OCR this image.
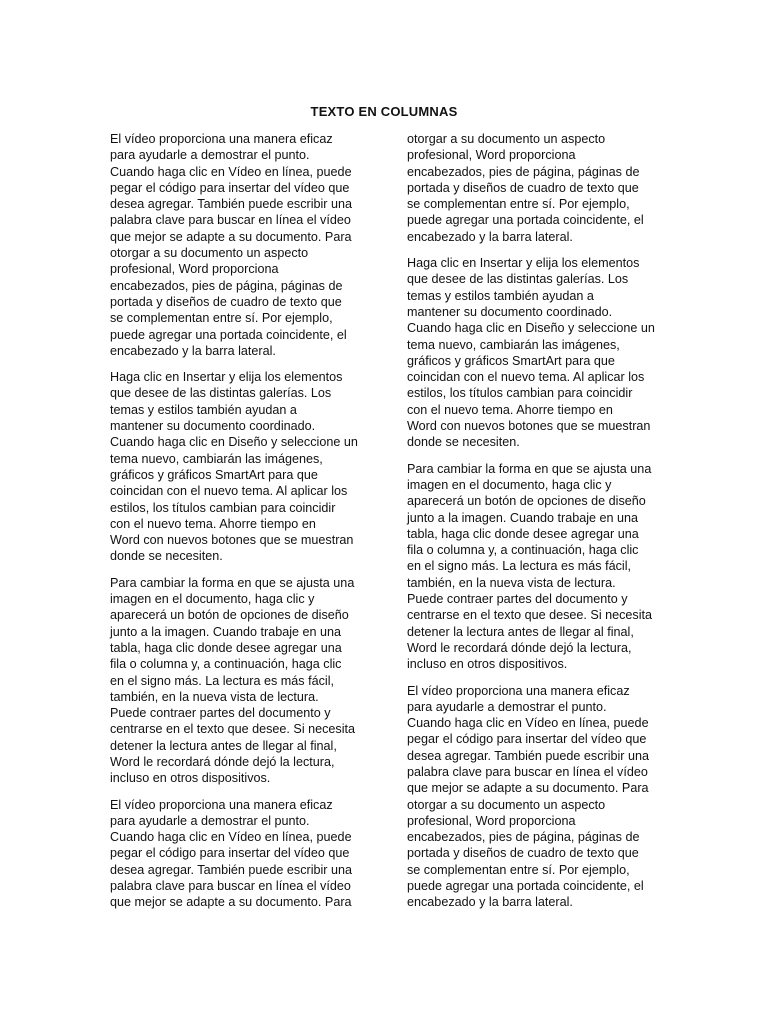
TEXTO EN COLUMNAS
El vídeo proporciona una manera eficaz
para ayudarle a demostrar el punto.
Cuando haga clic en Vídeo en línea, puede
pegar el código para insertar del vídeo que
desea agregar. También puede escribir una
palabra clave para buscar en línea el vídeo
que mejor se adapte a su documento. Para
otorgar a su documento un aspecto
profesional, Word proporciona
encabezados, pies de página, páginas de
portada y diseños de cuadro de texto que
se complementan entre sí. Por ejemplo,
puede agregar una portada coincidente, el
encabezado y la barra lateral.
Haga clic en Insertar y elija los elementos
que desee de las distintas galerías. Los
temas y estilos también ayudan a
mantener su documento coordinado.
Cuando haga clic en Diseño y seleccione un
tema nuevo, cambiarán las imágenes,
gráficos y gráficos SmartArt para que
coincidan con el nuevo tema. Al aplicar los
estilos, los títulos cambian para coincidir
con el nuevo tema. Ahorre tiempo en
Word con nuevos botones que se muestran
donde se necesiten.
Para cambiar la forma en que se ajusta una
imagen en el documento, haga clic y
aparecerá un botón de opciones de diseño
junto a la imagen. Cuando trabaje en una
tabla, haga clic donde desee agregar una
fila o columna y, a continuación, haga clic
en el signo más. La lectura es más fácil,
también, en la nueva vista de lectura.
Puede contraer partes del documento y
centrarse en el texto que desee. Si necesita
detener la lectura antes de llegar al final,
Word le recordará dónde dejó la lectura,
incluso en otros dispositivos.
El vídeo proporciona una manera eficaz
para ayudarle a demostrar el punto.
Cuando haga clic en Vídeo en línea, puede
pegar el código para insertar del vídeo que
desea agregar. También puede escribir una
palabra clave para buscar en línea el vídeo
que mejor se adapte a su documento. Para
otorgar a su documento un aspecto
profesional, Word proporciona
encabezados, pies de página, páginas de
portada y diseños de cuadro de texto que
se complementan entre sí. Por ejemplo,
puede agregar una portada coincidente, el
encabezado y la barra lateral.
Haga clic en Insertar y elija los elementos
que desee de las distintas galerías. Los
temas y estilos también ayudan a
mantener su documento coordinado.
Cuando haga clic en Diseño y seleccione un
tema nuevo, cambiarán las imágenes,
gráficos y gráficos SmartArt para que
coincidan con el nuevo tema. Al aplicar los
estilos, los títulos cambian para coincidir
con el nuevo tema. Ahorre tiempo en
Word con nuevos botones que se muestran
donde se necesiten.
Para cambiar la forma en que se ajusta una
imagen en el documento, haga clic y
aparecerá un botón de opciones de diseño
junto a la imagen. Cuando trabaje en una
tabla, haga clic donde desee agregar una
fila o columna y, a continuación, haga clic
en el signo más. La lectura es más fácil,
también, en la nueva vista de lectura.
Puede contraer partes del documento y
centrarse en el texto que desee. Si necesita
detener la lectura antes de llegar al final,
Word le recordará dónde dejó la lectura,
incluso en otros dispositivos.
El vídeo proporciona una manera eficaz
para ayudarle a demostrar el punto.
Cuando haga clic en Vídeo en línea, puede
pegar el código para insertar del vídeo que
desea agregar. También puede escribir una
palabra clave para buscar en línea el vídeo
que mejor se adapte a su documento. Para
otorgar a su documento un aspecto
profesional, Word proporciona
encabezados, pies de página, páginas de
portada y diseños de cuadro de texto que
se complementan entre sí. Por ejemplo,
puede agregar una portada coincidente, el
encabezado y la barra lateral.
